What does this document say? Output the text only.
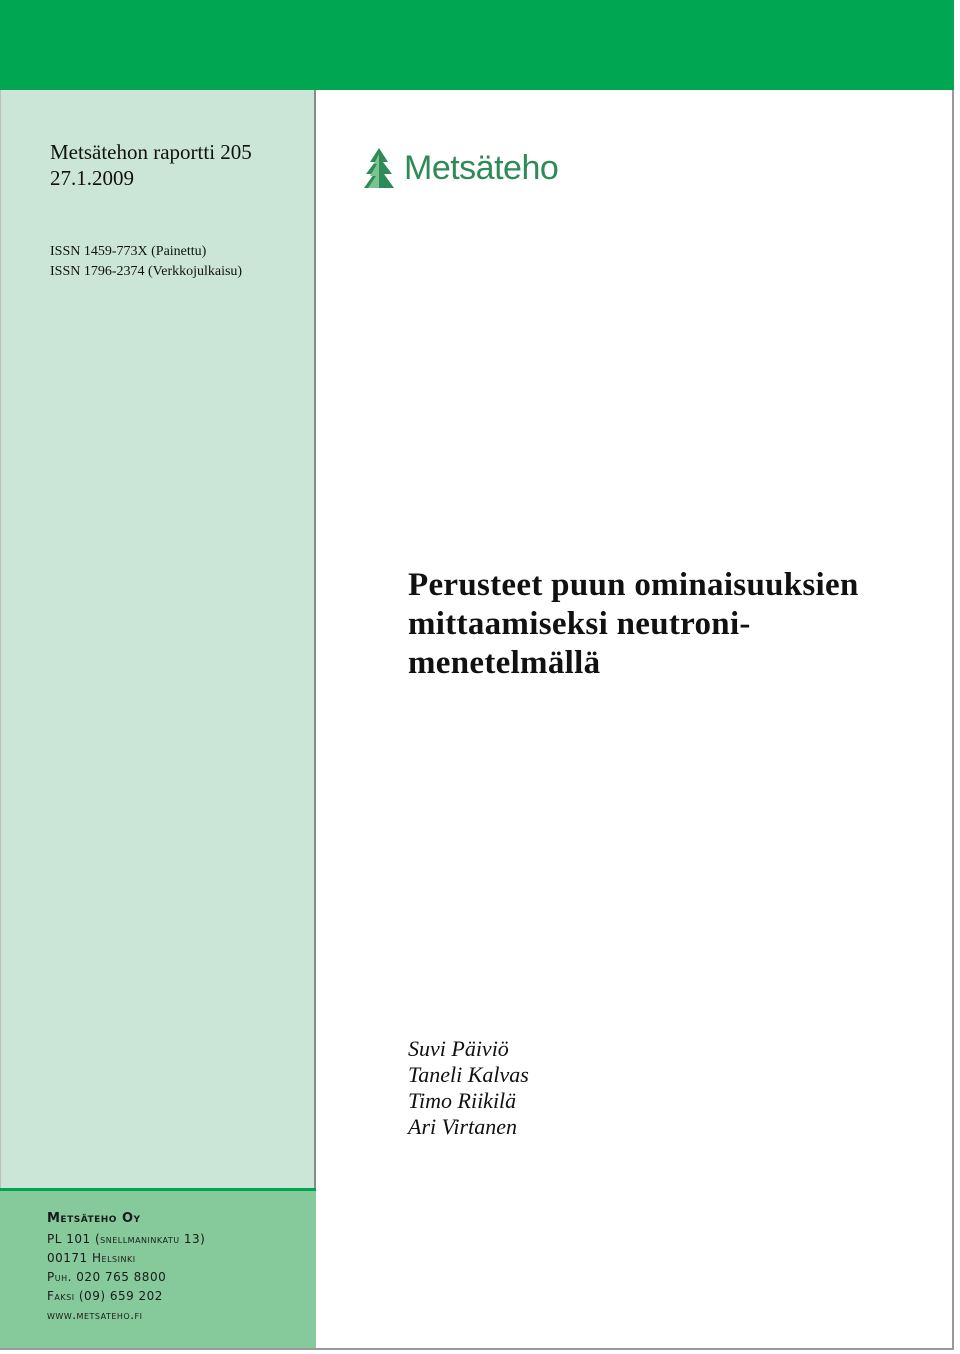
Metsätehon raportti 205
27.1.2009
ISSN 1459-773X (Painettu)
ISSN 1796-2374 (Verkkojulkaisu)
Metsäteho
Perusteet puun ominaisuuksien
mittaamiseksi neutroni-
menetelmällä
Suvi Päiviö
Taneli Kalvas
Timo Riikilä
Ari Virtanen
Metsäteho Oy
PL 101 (snellmaninkatu 13)
00171 Helsinki
Puh. 020 765 8800
Faksi (09) 659 202
www.metsateho.fi
